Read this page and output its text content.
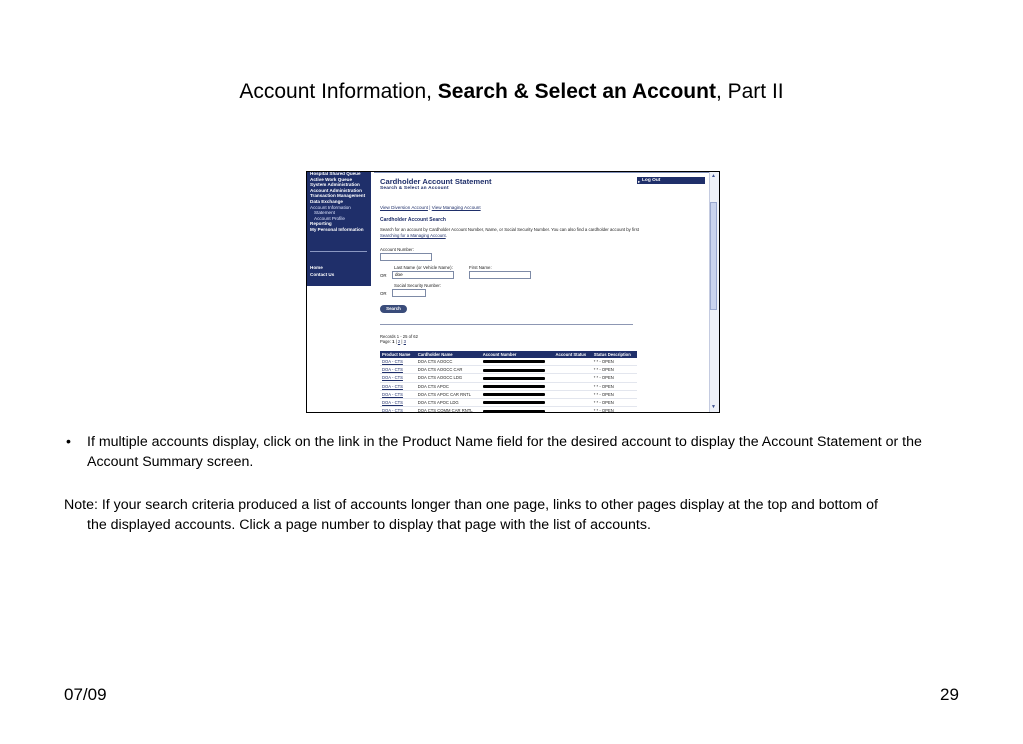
Account Information, Search & Select an Account, Part II
Hospital Shared Queue
Active Work Queue
System Administration
Account Administration
Transaction Management
Data Exchange
Account Information
Statement
Account Profile
Reporting
My Personal Information
Home
Contact Us
▸ Log Out
Cardholder Account Statement
Search & Select an Account
View Diversion Account | View Managing Account
Cardholder Account Search
Search for an account by Cardholder Account Number, Name, or Social Security Number. You can also find a cardholder account by first Searching for a Managing Account.
Account Number:
Last Name (or Vehicle Name):	First Name:
OR	doe
Social Security Number:
OR
Search
Records 1 - 25 of 62
Page: 1 | 2 | 3
Product Name	Cardholder Name	Account Number	Account Status	Status Description
DOA - CTS	DOA CTS AOGCC			* * - OPEN
DOA - CTS	DOA CTS AOGCC CAR			* * - OPEN
DOA - CTS	DOA CTS AOGCC LDG			* * - OPEN
DOA - CTS	DOA CTS APOC			* * - OPEN
DOA - CTS	DOA CTS APOC CAR RNTL			* * - OPEN
DOA - CTS	DOA CTS APOC LDG			* * - OPEN
DOA - CTS	DOA CTS COMM CAR RNTL			* * - OPEN
▲
▼
• If multiple accounts display, click on the link in the Product Name field for the desired account to display the Account Statement or the Account Summary screen.
Note: If your search criteria produced a list of accounts longer than one page, links to other pages display at the top and bottom of
the displayed accounts. Click a page number to display that page with the list of accounts.
07/09	29
